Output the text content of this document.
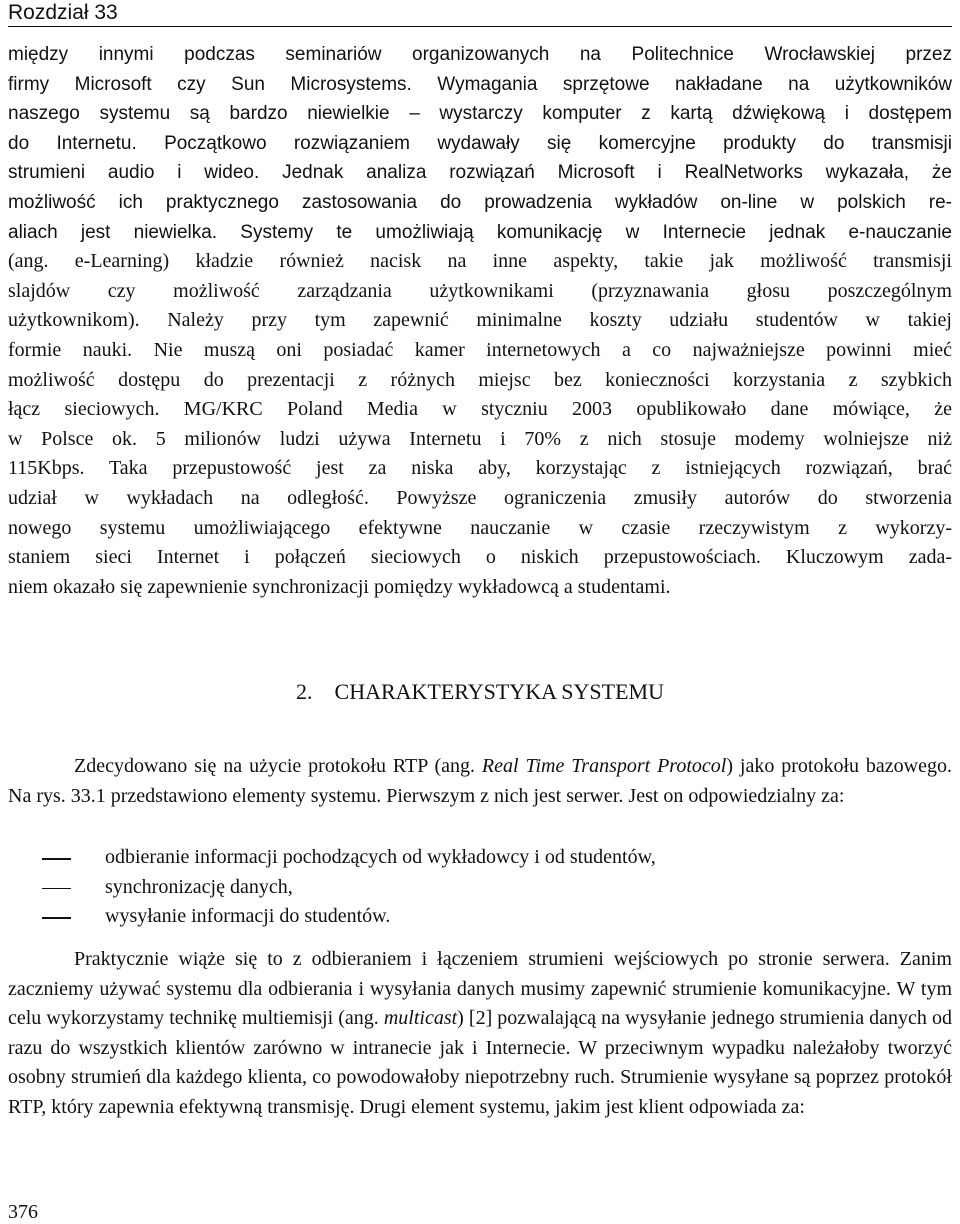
Rozdział 33
między innymi podczas seminariów organizowanych na Politechnice Wrocławskiej przez
firmy Microsoft czy Sun Microsystems. Wymagania sprzętowe nakładane na użytkowników
naszego systemu są bardzo niewielkie – wystarczy komputer z kartą dźwiękową i dostępem
do Internetu. Początkowo rozwiązaniem wydawały się komercyjne produkty do transmisji
strumieni audio i wideo. Jednak analiza rozwiązań Microsoft i RealNetworks wykazała, że
możliwość ich praktycznego zastosowania do prowadzenia wykładów on-line w polskich re-
aliach jest niewielka. Systemy te umożliwiają komunikację w Internecie jednak e-nauczanie
(ang. e-Learning) kładzie również nacisk na inne aspekty, takie jak możliwość transmisji
slajdów czy możliwość zarządzania użytkownikami (przyznawania głosu poszczególnym
użytkownikom). Należy przy tym zapewnić minimalne koszty udziału studentów w takiej
formie nauki. Nie muszą oni posiadać kamer internetowych a co najważniejsze powinni mieć
możliwość dostępu do prezentacji z różnych miejsc bez konieczności korzystania z szybkich
łącz sieciowych. MG/KRC Poland Media w styczniu 2003 opublikowało dane mówiące, że
w Polsce ok. 5 milionów ludzi używa Internetu i 70% z nich stosuje modemy wolniejsze niż
115Kbps. Taka przepustowość jest za niska aby, korzystając z istniejących rozwiązań, brać
udział w wykładach na odległość. Powyższe ograniczenia zmusiły autorów do stworzenia
nowego systemu umożliwiającego efektywne nauczanie w czasie rzeczywistym z wykorzy-
staniem sieci Internet i połączeń sieciowych o niskich przepustowościach. Kluczowym zada-
niem okazało się zapewnienie synchronizacji pomiędzy wykładowcą a studentami.
2. CHARAKTERYSTYKA SYSTEMU

Zdecydowano się na użycie protokołu RTP (ang. Real Time Transport Protocol) jako protokołu bazowego. Na rys. 33.1 przedstawiono elementy systemu. Pierwszym z nich jest serwer. Jest on odpowiedzialny za:

odbieranie informacji pochodzących od wykładowcy i od studentów,
synchronizację danych,
wysyłanie informacji do studentów.

Praktycznie wiąże się to z odbieraniem i łączeniem strumieni wejściowych po stronie serwera. Zanim zaczniemy używać systemu dla odbierania i wysyłania danych musimy zapewnić strumienie komunikacyjne. W tym celu wykorzystamy technikę multiemisji (ang. multicast) [2] pozwalającą na wysyłanie jednego strumienia danych od razu do wszystkich klientów zarówno w intranecie jak i Internecie. W przeciwnym wypadku należałoby tworzyć osobny strumień dla każdego klienta, co powodowałoby niepotrzebny ruch. Strumienie wysyłane są poprzez protokół RTP, który zapewnia efektywną transmisję. Drugi element systemu, jakim jest klient odpowiada za:

376
